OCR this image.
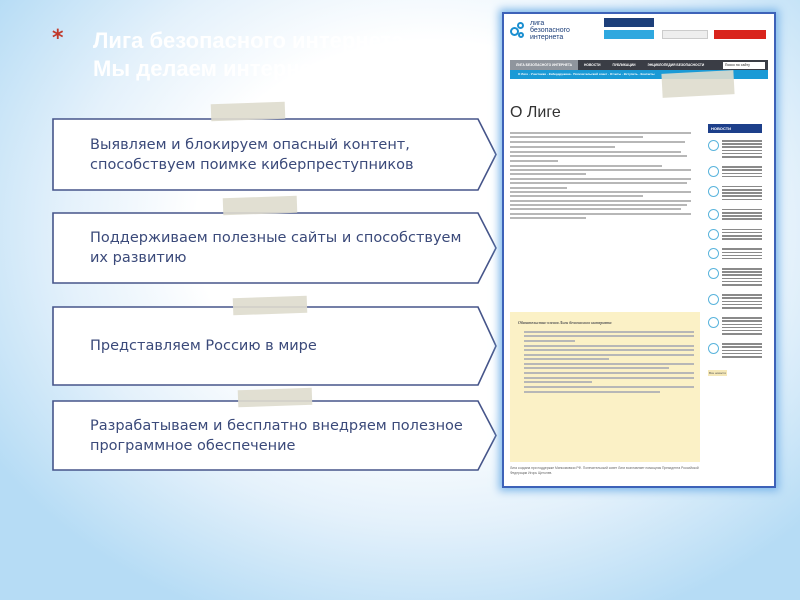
* Лига безопасного интернета
Мы делаем интернет чище
Выявляем и блокируем опасный контент, способствуем поимке киберпреступников
Поддерживаем полезные сайты и способствуем их развитию
Представляем Россию в мире
Разрабатываем и бесплатно внедряем полезное программное обеспечение
лига безопасного интернета
ЛИГА БЕЗОПАСНОГО ИНТЕРНЕТА	НОВОСТИ	ПУБЛИКАЦИИ	ЭНЦИКЛОПЕДИЯ БЕЗОПАСНОСТИ	Поиск по сайту
О Лиге · Участники · Кибердружина · Попечительский совет · Отчеты · Вступить · Контакты
О Лиге
Обязательства членов Лиги безопасного интернета
НОВОСТИ
Все новости
Лига создана при поддержке Минкомсвязи РФ. Попечительский совет Лиги возглавляет помощник Президента Российской Федерации Игорь Щеголев.
